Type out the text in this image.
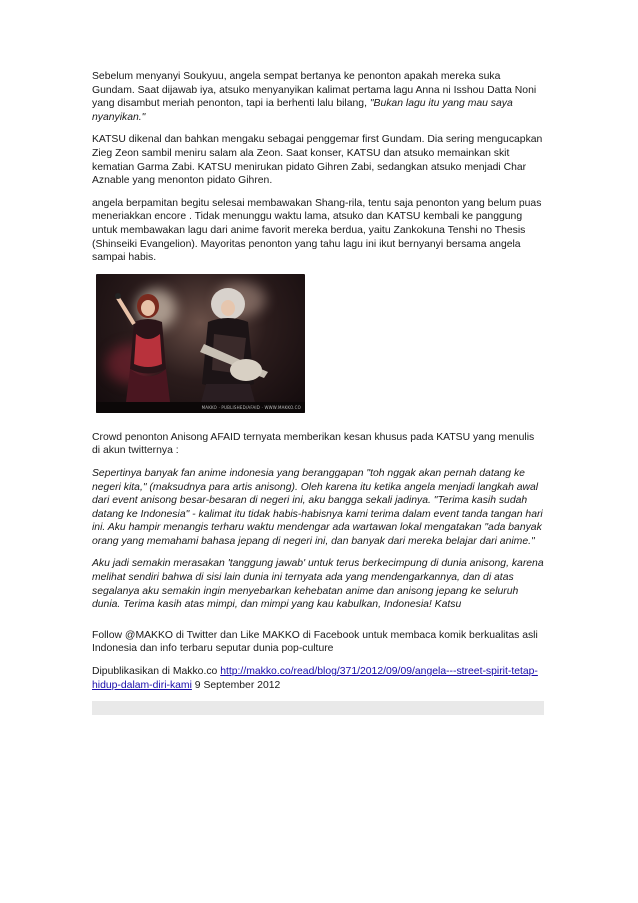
Sebelum menyanyi Soukyuu, angela sempat bertanya ke penonton apakah mereka suka Gundam. Saat dijawab iya, atsuko menyanyikan kalimat pertama lagu Anna ni Isshou Datta Noni yang disambut meriah penonton, tapi ia berhenti lalu bilang, "Bukan lagu itu yang mau saya nyanyikan."

KATSU dikenal dan bahkan mengaku sebagai penggemar first Gundam. Dia sering mengucapkan Zieg Zeon sambil meniru salam ala Zeon. Saat konser, KATSU dan atsuko memainkan skit kematian Garma Zabi. KATSU menirukan pidato Gihren Zabi, sedangkan atsuko menjadi Char Aznable yang menonton pidato Gihren.

angela berpamitan begitu selesai membawakan Shang-rila, tentu saja penonton yang belum puas meneriakkan encore . Tidak menunggu waktu lama, atsuko dan KATSU kembali ke panggung untuk membawakan lagu dari anime favorit mereka berdua, yaitu Zankokuna Tenshi no Thesis (Shinseiki Evangelion). Mayoritas penonton yang tahu lagu ini ikut bernyanyi bersama angela sampai habis.

MAKKO · PUBLISHED/AFAID · WWW.MAKKO.CO

Crowd penonton Anisong AFAID ternyata memberikan kesan khusus pada KATSU yang menulis di akun twitternya :

Sepertinya banyak fan anime indonesia yang beranggapan "toh nggak akan pernah datang ke negeri kita," (maksudnya para artis anisong). Oleh karena itu ketika angela menjadi langkah awal dari event anisong besar-besaran di negeri ini, aku bangga sekali jadinya. "Terima kasih sudah datang ke Indonesia" - kalimat itu tidak habis-habisnya kami terima dalam event tanda tangan hari ini. Aku hampir menangis terharu waktu mendengar ada wartawan lokal mengatakan "ada banyak orang yang memahami bahasa jepang di negeri ini, dan banyak dari mereka belajar dari anime."

Aku jadi semakin merasakan 'tanggung jawab' untuk terus berkecimpung di dunia anisong, karena melihat sendiri bahwa di sisi lain dunia ini ternyata ada yang mendengarkannya, dan di atas segalanya aku semakin ingin menyebarkan kehebatan anime dan anisong jepang ke seluruh dunia. Terima kasih atas mimpi, dan mimpi yang kau kabulkan, Indonesia! Katsu

Follow @MAKKO di Twitter dan Like MAKKO di Facebook untuk membaca komik berkualitas asli Indonesia dan info terbaru seputar dunia pop-culture

Dipublikasikan di Makko.co http://makko.co/read/blog/371/2012/09/09/angela---street-spirit-tetap-hidup-dalam-diri-kami 9 September 2012
